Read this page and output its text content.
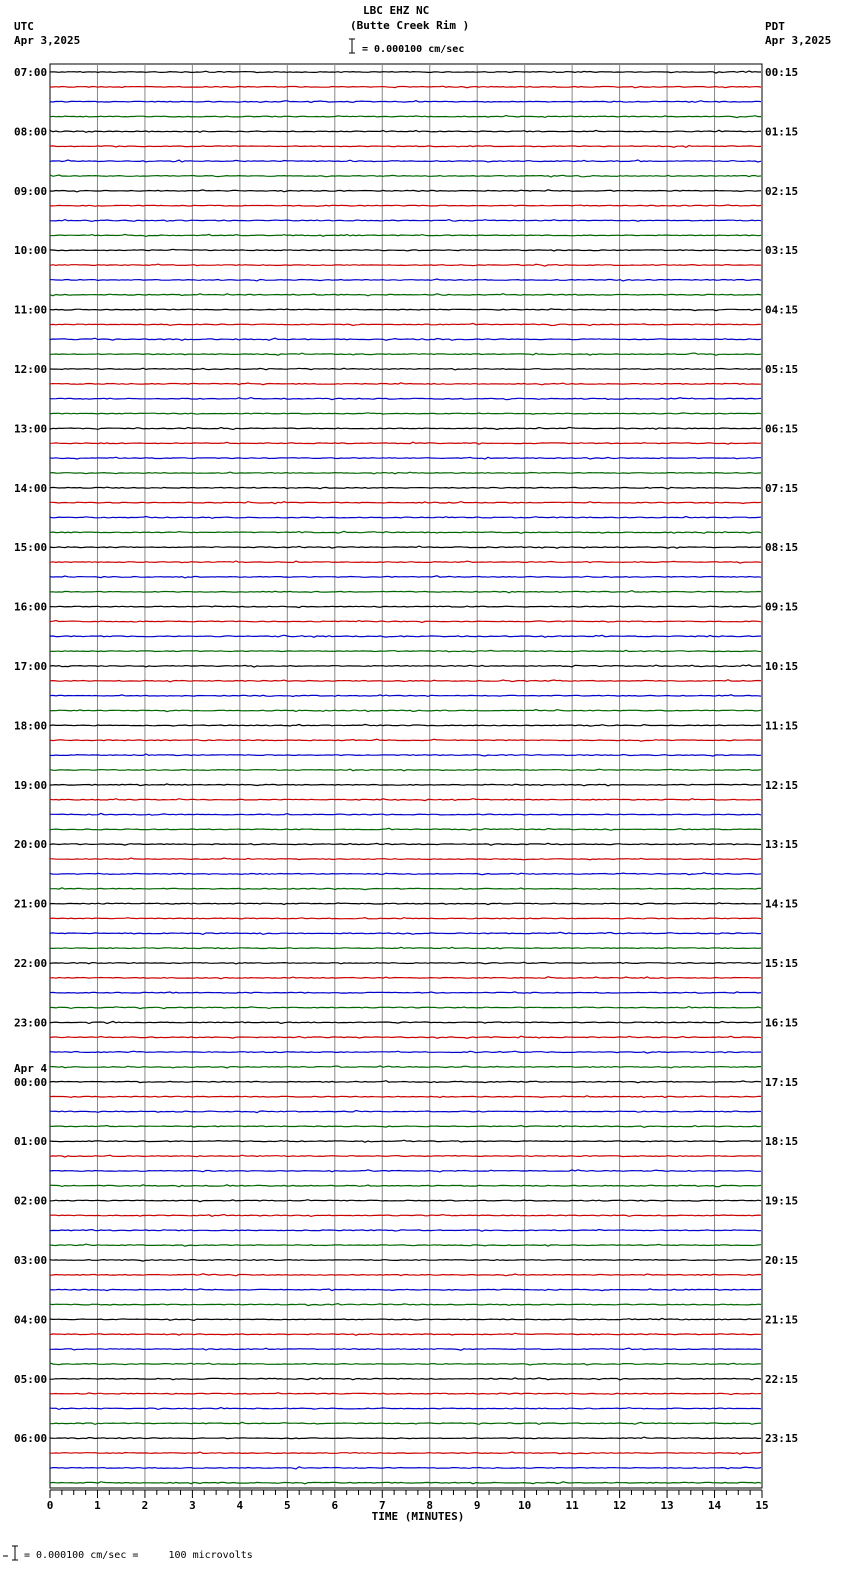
LBC EHZ NC
(Butte Creek Rim )
= 0.000100 cm/sec
UTC
Apr 3,2025
PDT
Apr 3,2025
= 0.000100 cm/sec =     100 microvolts
07:00
08:00
09:00
10:00
11:00
12:00
13:00
14:00
15:00
16:00
17:00
18:00
19:00
20:00
21:00
22:00
23:00
00:00
01:00
02:00
03:00
04:00
05:00
06:00
00:15
01:15
02:15
03:15
04:15
05:15
06:15
07:15
08:15
09:15
10:15
11:15
12:15
13:15
14:15
15:15
16:15
17:15
18:15
19:15
20:15
21:15
22:15
23:15
Apr 4
0	1	2	3	4	5	6	7	8	9	10	11	12	13	14	15
TIME (MINUTES)
